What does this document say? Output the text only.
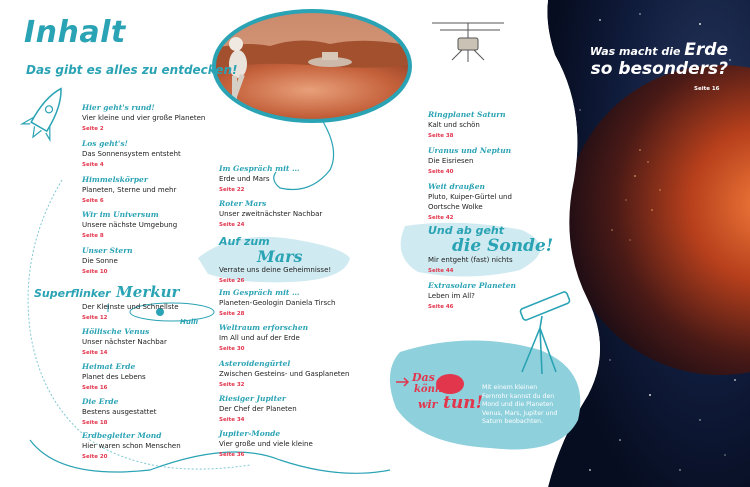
Inhalt
Das gibt es alles zu entdecken!
Hier geht's rund!
Vier kleine und vier große Planeten
Seite 2
Los geht's!
Das Sonnensystem entsteht
Seite 4
Himmelskörper
Planeten, Sterne und mehr
Seite 6
Wir im Universum
Unsere nächste Umgebung
Seite 8
Unser Stern
Die Sonne
Seite 10
Superflinker Merkur
Der Kleinste und Schnellste
Seite 12	Huiii
Höllische Venus
Unser nächster Nachbar
Seite 14
Heimat Erde
Planet des Lebens
Seite 16
Die Erde
Bestens ausgestattet
Seite 18
Erdbegleiter Mond
Hier waren schon Menschen
Seite 20
Im Gespräch mit …
Erde und Mars
Seite 22
Roter Mars
Unser zweitnächster Nachbar
Seite 24
Auf zum
Mars
Verrate uns deine Geheimnisse!
Seite 26
Im Gespräch mit …
Planeten-Geologin Daniela Tirsch
Seite 28
Weltraum erforschen
Im All und auf der Erde
Seite 30
Asteroidengürtel
Zwischen Gesteins- und Gasplaneten
Seite 32
Riesiger Jupiter
Der Chef der Planeten
Seite 34
Jupiter-Monde
Vier große und viele kleine
Seite 36
Ringplanet Saturn
Kalt und schön
Seite 38
Uranus und Neptun
Die Eisriesen
Seite 40
Weit draußen
Pluto, Kuiper-Gürtel und
Oortsche Wolke
Seite 42
Und ab geht
die Sonde!
Mir entgeht (fast) nichts
Seite 44
Extrasolare Planeten
Leben im All?
Seite 46
Das
können
wir tun!
Mit einem kleinen
Fernrohr kannst du den
Mond und die Planeten
Venus, Mars, Jupiter und
Saturn beobachten.
Was macht die Erde
so besonders?
Seite 16
